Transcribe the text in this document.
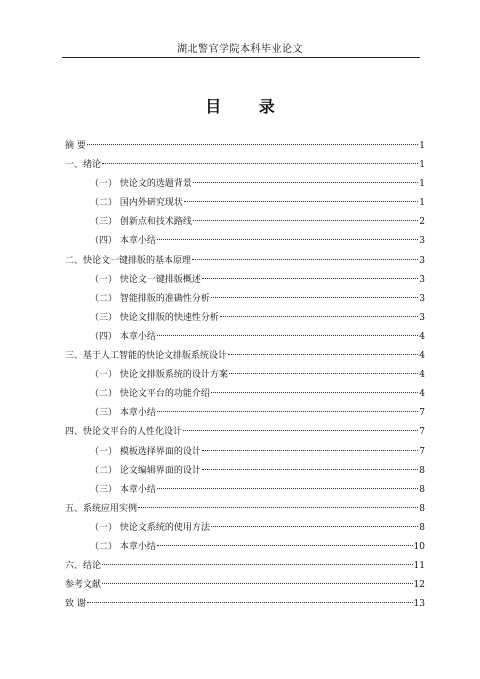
湖北警官学院本科毕业论文
目 录
摘 要	1
一、绪论	1
（一） 快论文的选题背景	1
（二） 国内外研究现状	1
（三） 创新点和技术路线	2
（四） 本章小结	3
二、快论文一键排版的基本原理	3
（一） 快论文一键排版概述	3
（二） 智能排版的准确性分析	3
（三） 快论文排版的快速性分析	3
（四） 本章小结	4
三、基于人工智能的快论文排版系统设计	4
（一） 快论文排版系统的设计方案	4
（二） 快论文平台的功能介绍	4
（三） 本章小结	7
四、快论文平台的人性化设计	7
（一） 模板选择界面的设计	7
（二） 论文编辑界面的设计	8
（三） 本章小结	8
五、系统应用实例	8
（一） 快论文系统的使用方法	8
（二） 本章小结	10
六、结论	11
参考文献	12
致 谢	13
